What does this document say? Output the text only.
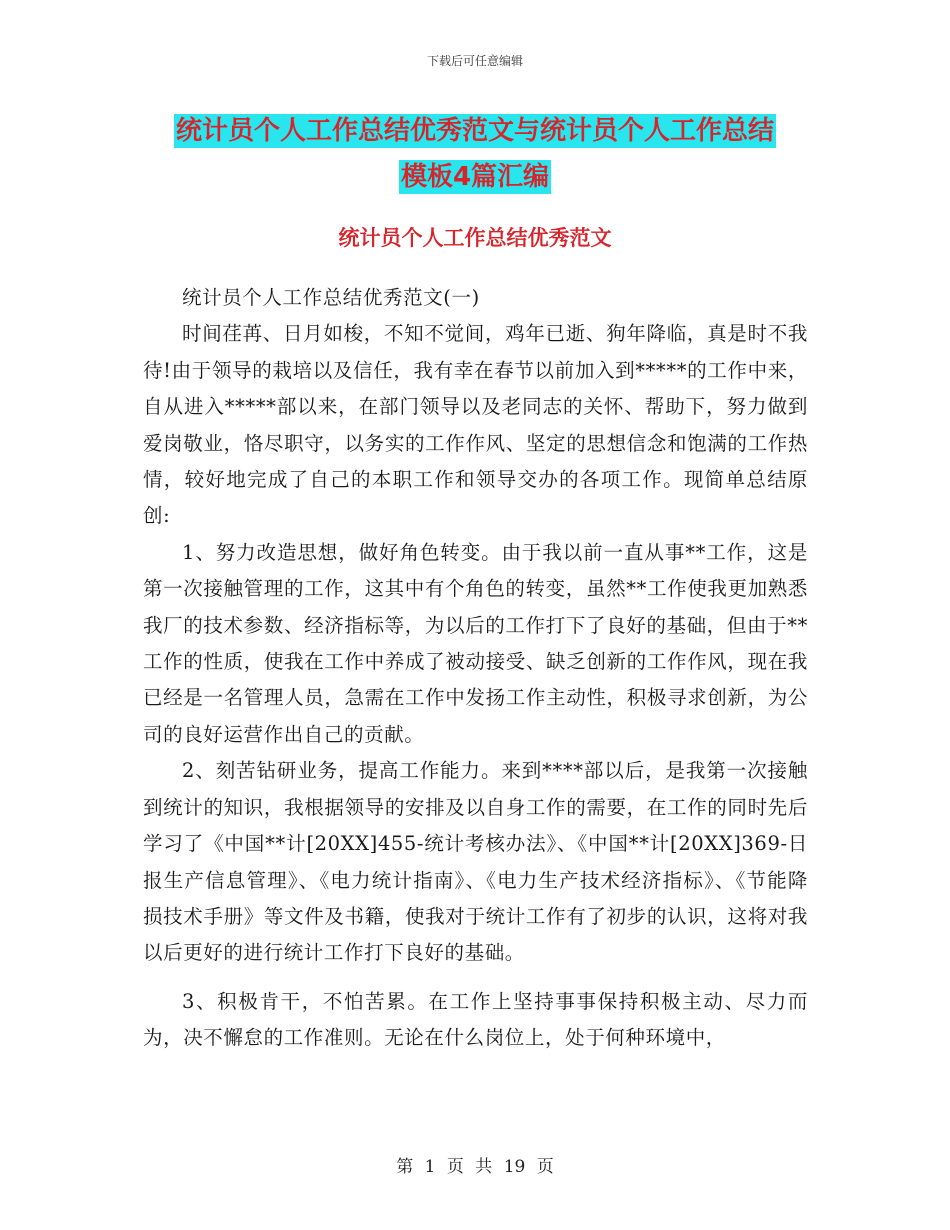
下载后可任意编辑
统计员个人工作总结优秀范文与统计员个人工作总结
模板4篇汇编
统计员个人工作总结优秀范文

统计员个人工作总结优秀范文(一)

时间荏苒、日月如梭，不知不觉间，鸡年已逝、狗年降临，真是时不我待!由于领导的栽培以及信任，我有幸在春节以前加入到*****的工作中来，自从进入*****部以来，在部门领导以及老同志的关怀、帮助下，努力做到爱岗敬业，恪尽职守，以务实的工作作风、坚定的思想信念和饱满的工作热情，较好地完成了自己的本职工作和领导交办的各项工作。现简单总结原创:

1、努力改造思想，做好角色转变。由于我以前一直从事**工作，这是第一次接触管理的工作，这其中有个角色的转变，虽然**工作使我更加熟悉我厂的技术参数、经济指标等，为以后的工作打下了良好的基础，但由于**工作的性质，使我在工作中养成了被动接受、缺乏创新的工作作风，现在我已经是一名管理人员，急需在工作中发扬工作主动性，积极寻求创新，为公司的良好运营作出自己的贡献。

2、刻苦钻研业务，提高工作能力。来到****部以后，是我第一次接触到统计的知识，我根据领导的安排及以自身工作的需要，在工作的同时先后学习了《中国**计[20XX]455-统计考核办法》、《中国**计[20XX]369-日报生产信息管理》、《电力统计指南》、《电力生产技术经济指标》、《节能降损技术手册》等文件及书籍，使我对于统计工作有了初步的认识，这将对我以后更好的进行统计工作打下良好的基础。

3、积极肯干，不怕苦累。在工作上坚持事事保持积极主动、尽力而为，决不懈怠的工作准则。无论在什么岗位上，处于何种环境中，

第 1 页 共 19 页
